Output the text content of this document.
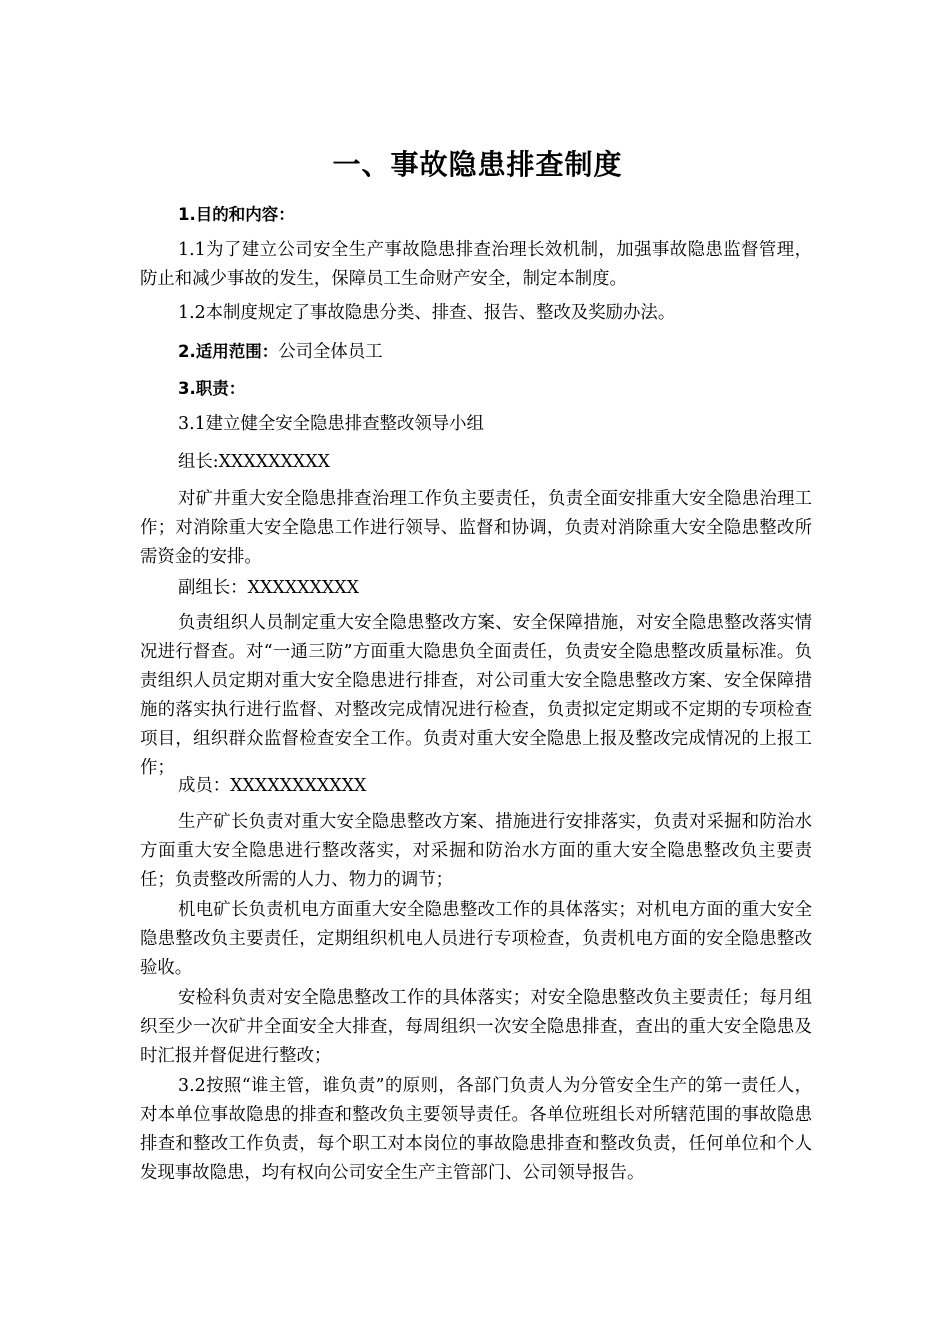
一、事故隐患排查制度

1.目的和内容：

1.1为了建立公司安全生产事故隐患排查治理长效机制，加强事故隐患监督管理，防止和减少事故的发生，保障员工生命财产安全，制定本制度。

1.2本制度规定了事故隐患分类、排查、报告、整改及奖励办法。

2.适用范围：公司全体员工

3.职责：

3.1建立健全安全隐患排查整改领导小组

组长:XXXXXXXXX

对矿井重大安全隐患排查治理工作负主要责任，负责全面安排重大安全隐患治理工作；对消除重大安全隐患工作进行领导、监督和协调，负责对消除重大安全隐患整改所需资金的安排。

副组长：XXXXXXXXX

负责组织人员制定重大安全隐患整改方案、安全保障措施，对安全隐患整改落实情况进行督查。对“一通三防”方面重大隐患负全面责任，负责安全隐患整改质量标准。负责组织人员定期对重大安全隐患进行排查，对公司重大安全隐患整改方案、安全保障措施的落实执行进行监督、对整改完成情况进行检查，负责拟定定期或不定期的专项检查项目，组织群众监督检查安全工作。负责对重大安全隐患上报及整改完成情况的上报工作；

成员：XXXXXXXXXXX

生产矿长负责对重大安全隐患整改方案、措施进行安排落实，负责对采掘和防治水方面重大安全隐患进行整改落实，对采掘和防治水方面的重大安全隐患整改负主要责任；负责整改所需的人力、物力的调节；

机电矿长负责机电方面重大安全隐患整改工作的具体落实；对机电方面的重大安全隐患整改负主要责任，定期组织机电人员进行专项检查，负责机电方面的安全隐患整改验收。

安检科负责对安全隐患整改工作的具体落实；对安全隐患整改负主要责任；每月组织至少一次矿井全面安全大排查，每周组织一次安全隐患排查，查出的重大安全隐患及时汇报并督促进行整改；

3.2按照“谁主管，谁负责”的原则，各部门负责人为分管安全生产的第一责任人，对本单位事故隐患的排查和整改负主要领导责任。各单位班组长对所辖范围的事故隐患排查和整改工作负责，每个职工对本岗位的事故隐患排查和整改负责，任何单位和个人发现事故隐患，均有权向公司安全生产主管部门、公司领导报告。
